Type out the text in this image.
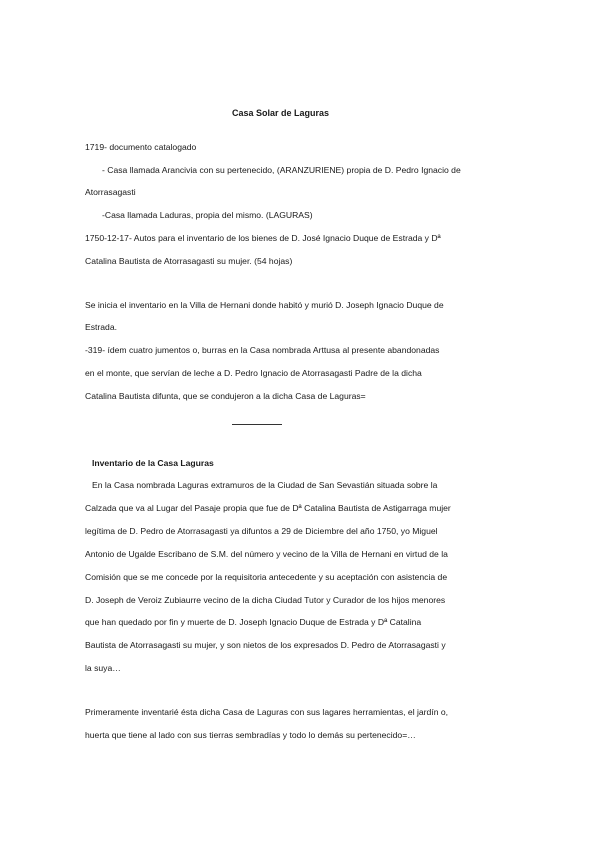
Casa Solar de Laguras
1719- documento catalogado
- Casa llamada Arancivia con su pertenecido, (ARANZURIENE) propia de D. Pedro Ignacio de
Atorrasagasti
-Casa llamada Laduras, propia del mismo. (LAGURAS)
1750-12-17- Autos para el inventario de los bienes de D. José Ignacio Duque de Estrada y Dª
Catalina Bautista de Atorrasagasti su mujer. (54 hojas)
Se inicia el inventario en la Villa de Hernani donde habitó y murió D. Joseph Ignacio Duque de
Estrada.
-319- ídem cuatro jumentos o, burras en la Casa nombrada Arttusa al presente abandonadas
en el monte, que servían de leche a D. Pedro Ignacio de Atorrasagasti Padre de la dicha
Catalina Bautista difunta, que se condujeron a la dicha Casa de Laguras=
Inventario de la Casa Laguras
En la Casa nombrada Laguras extramuros de la Ciudad de San Sevastián situada sobre la
Calzada que va al Lugar del Pasaje propia que fue de Dª Catalina Bautista de Astigarraga mujer
legítima de D. Pedro de Atorrasagasti ya difuntos a 29 de Diciembre del año 1750, yo Miguel
Antonio de Ugalde Escribano de S.M. del número y vecino de la Villa de Hernani en virtud de la
Comisión que se me concede por la requisitoria antecedente y su aceptación con asistencia de
D. Joseph de Veroiz Zubiaurre vecino de la dicha Ciudad Tutor y Curador de los hijos menores
que han quedado por fin y muerte de D. Joseph Ignacio Duque de Estrada y Dª Catalina
Bautista de Atorrasagasti su mujer, y son nietos de los expresados D. Pedro de Atorrasagasti y
la suya…
Primeramente inventarié ésta dicha Casa de Laguras con sus lagares herramientas, el jardín o,
huerta que tiene al lado con sus tierras sembradías y todo lo demás su pertenecido=…
